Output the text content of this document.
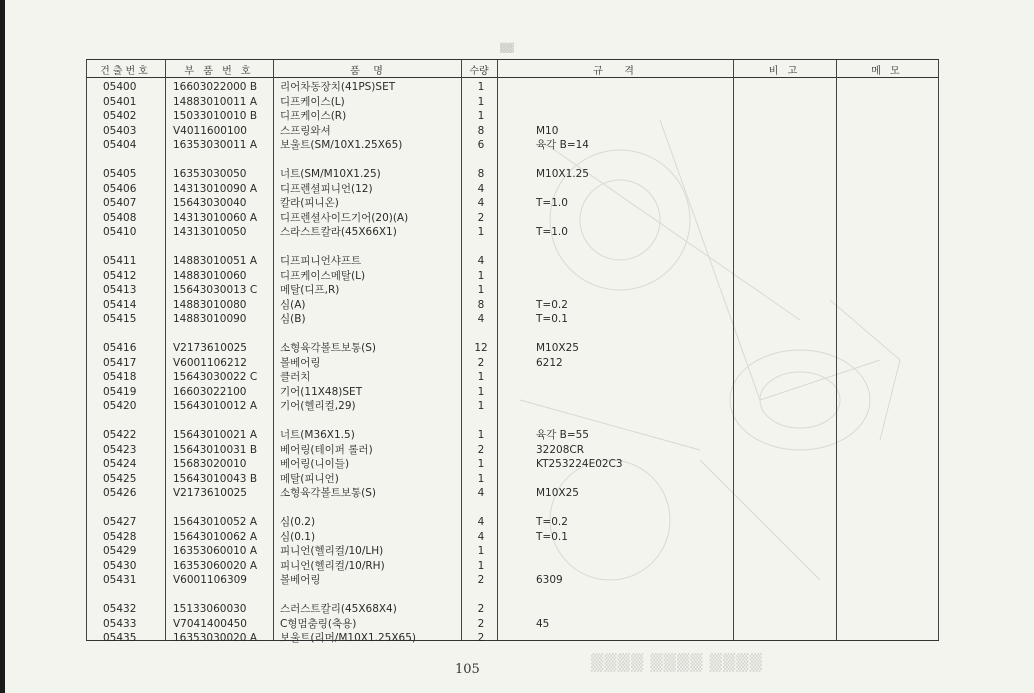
▓▓
건출번호	부 품 번 호	품   명	수량	규   격	비 고	메 모
05400	16603022000 B 리어차동장치(41PS)SET	1
05401	14883010011 A 디프케이스(L)	1
05402	15033010010 B 디프케이스(R)	1
05403	V4011600100	스프링와셔	8	M10
05404	16353030011 A 보울트(SM/10X1.25X65)	6	육각 B=14
05405	16353030050	너트(SM/M10X1.25)	8	M10X1.25
05406	14313010090 A 디프렌셜피니언(12)	4
05407	15643030040	칼라(피니온)	4	T=1.0
05408	14313010060 A 디프렌셜사이드기어(20)(A)	2
05410	14313010050	스라스트칼라(45X66X1)	1	T=1.0
05411	14883010051 A 디프피니언샤프트	4
05412	14883010060	디프케이스메탈(L)	1
05413	15643030013 C 메탈(디프,R)	1
05414	14883010080	심(A)	8	T=0.2
05415	14883010090	심(B)	4	T=0.1
05416	V2173610025	소형육각볼트보통(S)	12	M10X25
05417	V6001106212	볼베어링	2	6212
05418	15643030022 C 클러치	1
05419	16603022100	기어(11X48)SET	1
05420	15643010012 A 기어(헬리컬,29)	1
05422	15643010021 A 너트(M36X1.5)	1	육각 B=55
05423	15643010031 B 베어링(테이퍼 롤러)	2	32208CR
05424	15683020010	베어링(니이들)	1	KT253224E02C3
05425	15643010043 B 메탈(피니언)	1
05426	V2173610025	소형육각볼트보통(S)	4	M10X25
05427	15643010052 A 심(0.2)	4	T=0.2
05428	15643010062 A 심(0.1)	4	T=0.1
05429	16353060010 A 피니언(헬리컬/10/LH)	1
05430	16353060020 A 피니언(헬리컬/10/RH)	1
05431	V6001106309	볼베어링	2	6309
05432	15133060030	스러스트칼리(45X68X4)	2
05433	V7041400450	C형멈춤링(축용)	2	45
05435	16353030020 A 보울트(리머/M10X1.25X65)	2
105	▒▒▒▒ ▒▒▒▒ ▒▒▒▒
